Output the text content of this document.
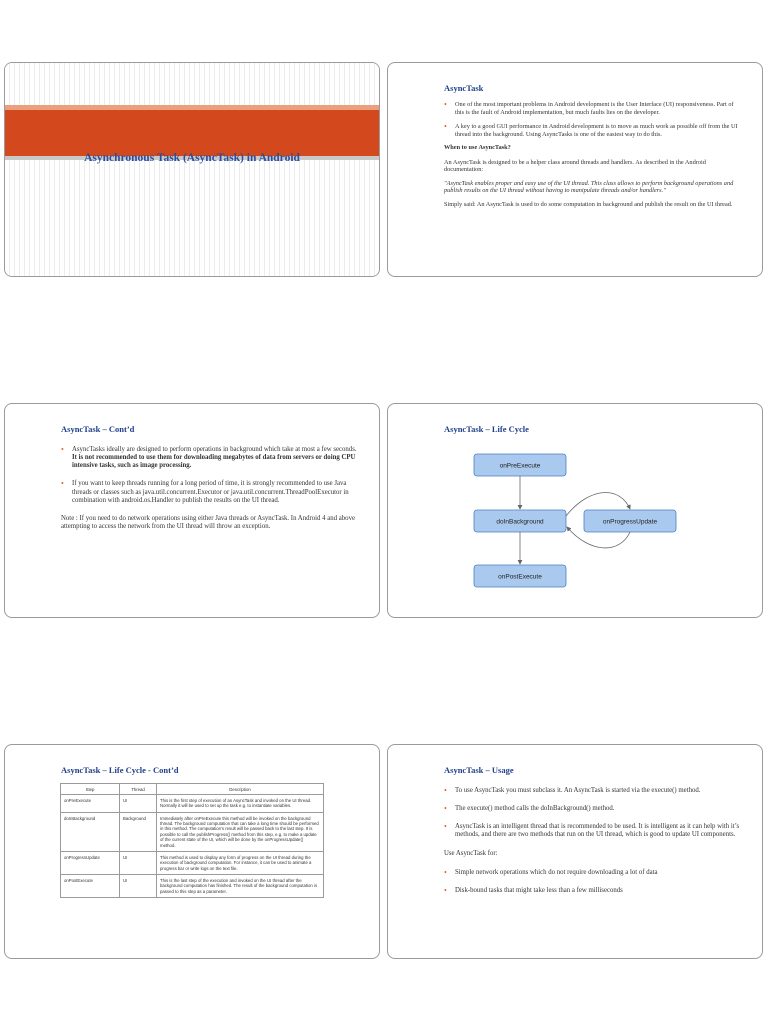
Asynchronous Task (AsyncTask) in Android
AsyncTask
• One of the most important problems in Android development is the User Interface (UI) responsiveness. Part of this is the fault of Android implementation, but much faults lies on the developer.
• A key to a good GUI performance in Android development is to move as much work as possible off from the UI thread into the background. Using AsyncTasks is one of the easiest way to do this.
When to use AsyncTask?

An AsyncTask is designed to be a helper class around threads and handlers. As described in the Android documentation:

"AsyncTask enables proper and easy use of the UI thread. This class allows to perform background operations and publish results on the UI thread without having to manipulate threads and/or handlers."

Simply said: An AsyncTask is used to do some computation in background and publish the result on the UI thread.

AsyncTask – Cont’d
• AsyncTasks ideally are designed to perform operations in background which take at most a few seconds. It is not recommended to use them for downloading megabytes of data from servers or doing CPU intensive tasks, such as image processing.
• If you want to keep threads running for a long period of time, it is strongly recommended to use Java threads or classes such as java.util.concurrent.Executor or java.util.concurrent.ThreadPoolExecutor in combination with android.os.Handler to publish the results on the UI thread.

Note : If you need to do network operations using either Java threads or AsyncTask. In Android 4 and above attempting to access the network from the UI thread will throw an exception.

AsyncTask – Life Cycle
onPreExecute
doInBackground	onProgressUpdate
onPostExecute
AsyncTask – Life Cycle - Cont’d
Step	Thread	Description
onPreExecute	UI	This is the first step of execution of an AsyncTask and invoked on the UI thread. Normally it will be used to set up the task e.g. to instantiate variables.
doInBackground	Background	Immediately after onPreExecute this method will be invoked on the background thread. The background computation that can take a long time should be performed in this method. The computation's result will be passed back to the last step. It is possible to call the publishProgress() method from this step, e.g. to make a update of the current state of the UI, which will be done by the onProgressUpdate() method.
onProgressUpdate	UI	This method is used to display any form of progress on the UI thread during the execution of background computation. For instance, it can be used to animate a progress bar or write logs on the text file.
onPostExecute	UI	This is the last step of the execution and invoked on the UI thread after the background computation has finished. The result of the background computation is passed to this step as a parameter.
AsyncTask – Usage
• To use AsyncTask you must subclass it. An AsyncTask is started via the execute() method.
• The execute() method calls the doInBackground() method.
• AsyncTask is an intelligent thread that is recommended to be used. It is intelligent as it can help with it’s methods, and there are two methods that run on the UI thread, which is good to update UI components.

Use AsyncTask for:

• Simple network operations which do not require downloading a lot of data
• Disk-bound tasks that might take less than a few milliseconds
